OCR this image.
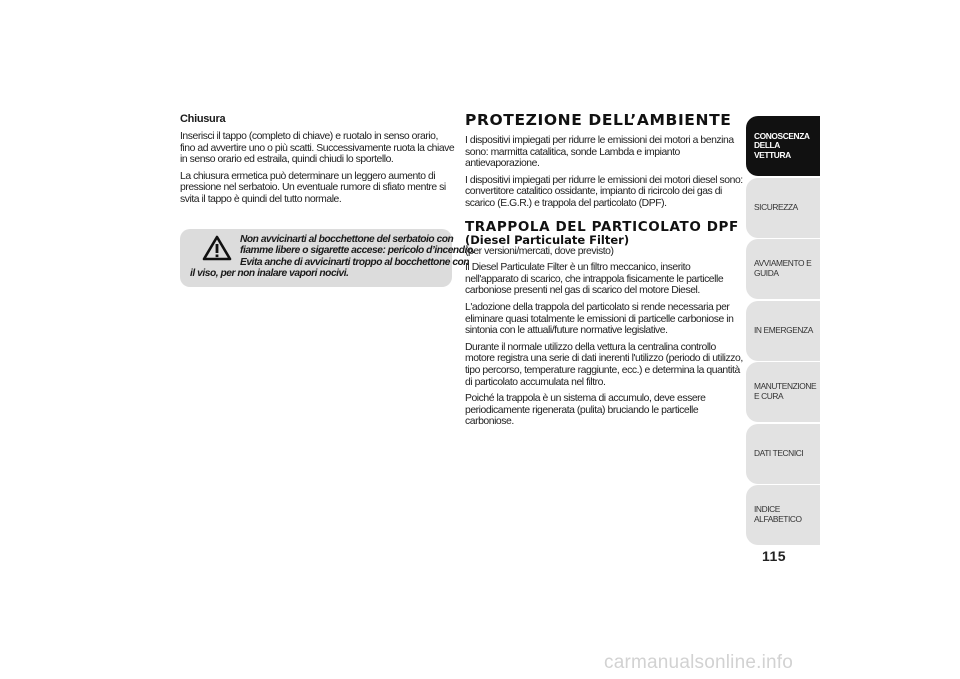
Chiusura

Inserisci il tappo (completo di chiave) e ruotalo in senso orario, fino ad avvertire uno o più scatti. Successivamente ruota la chiave in senso orario ed estraila, quindi chiudi lo sportello.

La chiusura ermetica può determinare un leggero aumento di pressione nel serbatoio. Un eventuale rumore di sfiato mentre si svita il tappo è quindi del tutto normale.

Non avvicinarti al bocchettone del serbatoio con
fiamme libere o sigarette accese: pericolo d’incendio.
Evita anche di avvicinarti troppo al bocchettone con
il viso, per non inalare vapori nocivi.
PROTEZIONE DELL’AMBIENTE

I dispositivi impiegati per ridurre le emissioni dei motori a benzina sono: marmitta catalitica, sonde Lambda e impianto antievaporazione.

I dispositivi impiegati per ridurre le emissioni dei motori diesel sono: convertitore catalitico ossidante, impianto di ricircolo dei gas di scarico (E.G.R.) e trappola del particolato (DPF).

TRAPPOLA DEL PARTICOLATO DPF
(Diesel Particulate Filter)

(per versioni/mercati, dove previsto)

Il Diesel Particulate Filter è un filtro meccanico, inserito nell'apparato di scarico, che intrappola fisicamente le particelle carboniose presenti nel gas di scarico del motore Diesel.

L'adozione della trappola del particolato si rende necessaria per eliminare quasi totalmente le emissioni di particelle carboniose in sintonia con le attuali/future normative legislative.

Durante il normale utilizzo della vettura la centralina controllo motore registra una serie di dati inerenti l'utilizzo (periodo di utilizzo, tipo percorso, temperature raggiunte, ecc.) e determina la quantità di particolato accumulata nel filtro.

Poiché la trappola è un sistema di accumulo, deve essere periodicamente rigenerata (pulita) bruciando le particelle carboniose.

CONOSCENZA DELLA VETTURA
SICUREZZA
AVVIAMENTO E GUIDA
IN EMERGENZA
MANUTENZIONE E CURA
DATI TECNICI
INDICE ALFABETICO
115
carmanualsonline.info
